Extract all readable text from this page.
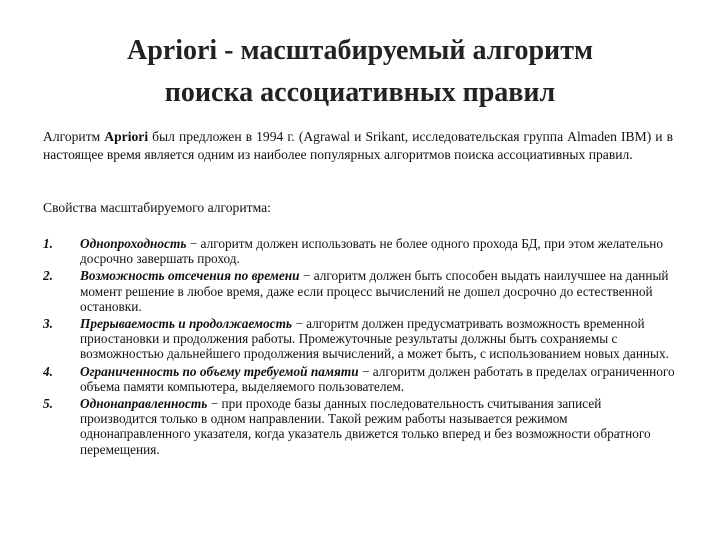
Apriori - масштабируемый алгоритм
поиска ассоциативных правил
Алгоритм Apriori был предложен в 1994 г. (Agrawal и Srikant, исследовательская группа Almaden IBM) и в настоящее время является одним из наиболее популярных алгоритмов поиска ассоциативных правил.
Свойства масштабируемого алгоритма:
1.	Однопроходность − алгоритм должен использовать не более одного прохода БД, при этом желательно досрочно завершать проход.
2.	Возможность отсечения по времени − алгоритм должен быть способен выдать наилучшее на данный момент решение в любое время, даже если процесс вычислений не дошел досрочно до естественной остановки.
3.	Прерываемость и продолжаемость − алгоритм должен предусматривать возможность временной приостановки и продолжения работы. Промежуточные результаты должны быть сохраняемы с возможностью дальнейшего продолжения вычислений, а может быть, с использованием новых данных.
4.	Ограниченность по объему требуемой памяти − алгоритм должен работать в пределах ограниченного объема памяти компьютера, выделяемого пользователем.
5.	Однонаправленность − при проходе базы данных последовательность считывания записей производится только в одном направлении. Такой режим работы называется режимом однонаправленного указателя, когда указатель движется только вперед и без возможности обратного перемещения.
